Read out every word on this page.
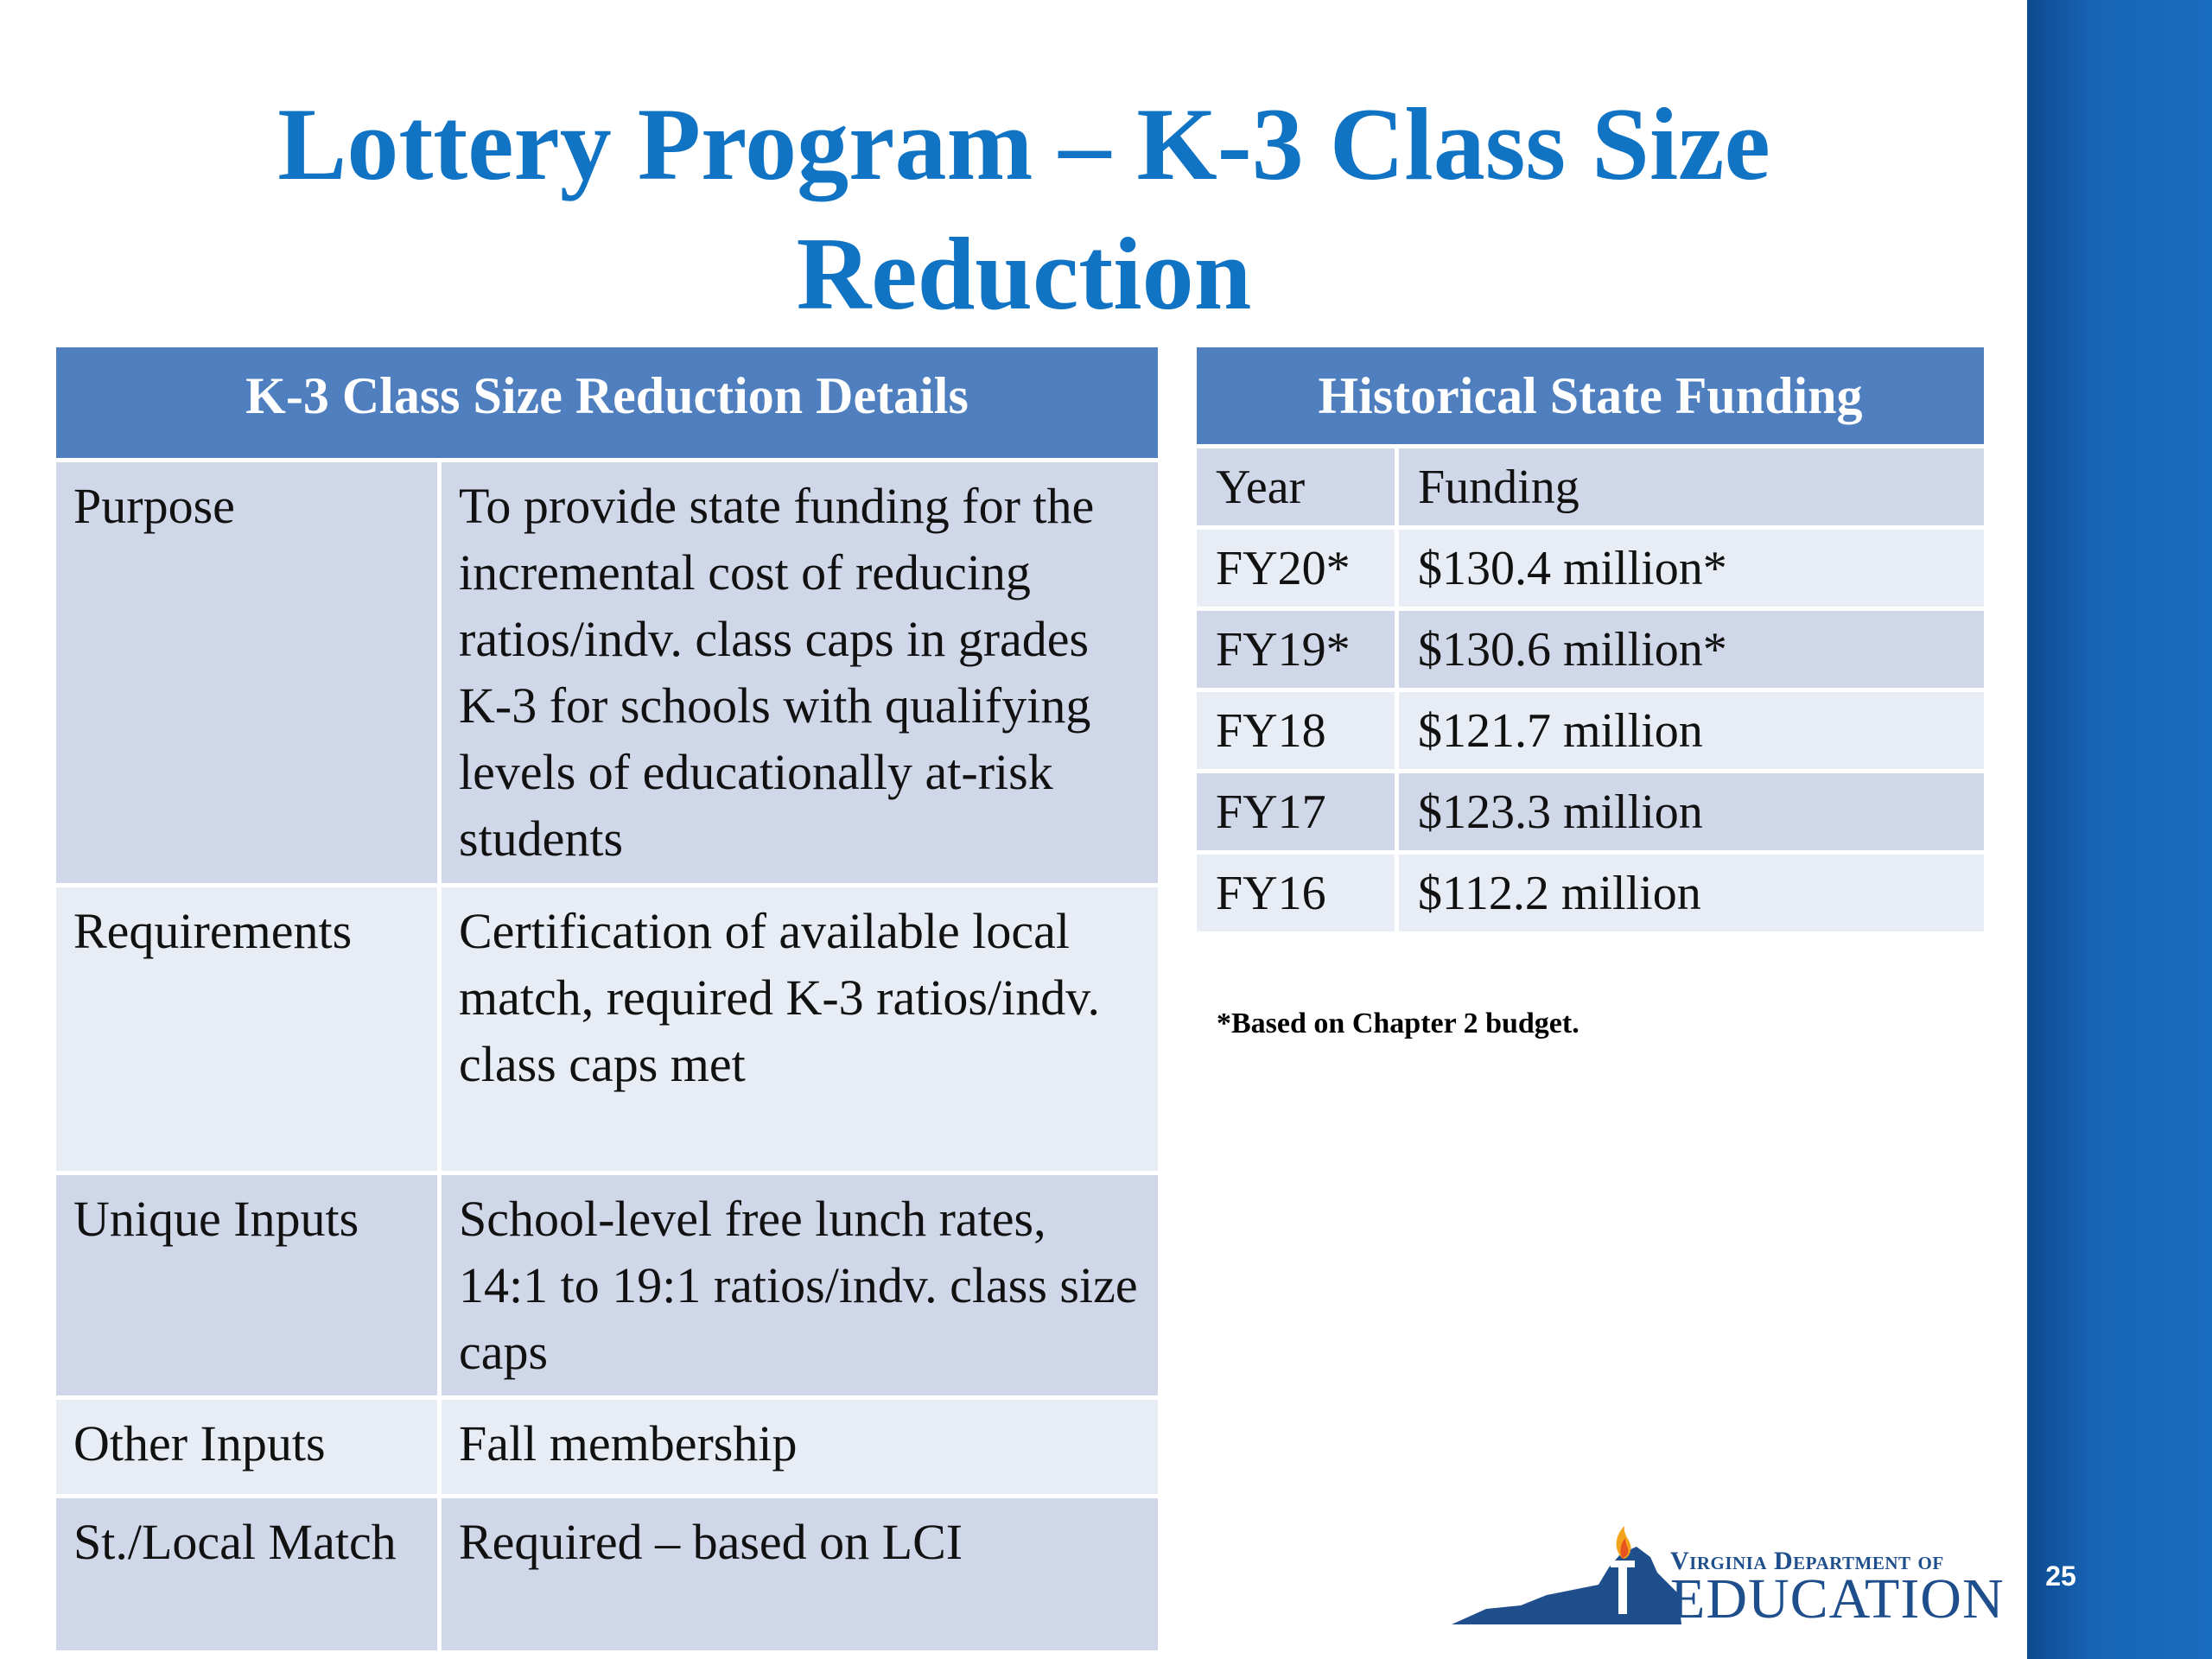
25
Lottery Program – K-3 Class Size Reduction
K-3 Class Size Reduction Details	
Purpose	To provide state funding for the incremental cost of reducing ratios/indv. class caps in grades K-3 for schools with qualifying levels of educationally at-risk students
Requirements	Certification of available local match, required K-3 ratios/indv. class caps met
Unique Inputs	School-level free lunch rates, 14:1 to 19:1 ratios/indv. class size caps
Other Inputs	Fall membership
St./Local Match	Required – based on LCI
Historical State Funding	
Year	Funding
FY20*	$130.4 million*
FY19*	$130.6 million*
FY18	$121.7 million
FY17	$123.3 million
FY16	$112.2 million
*Based on Chapter 2 budget.
Virginia Department of
EDUCATION
